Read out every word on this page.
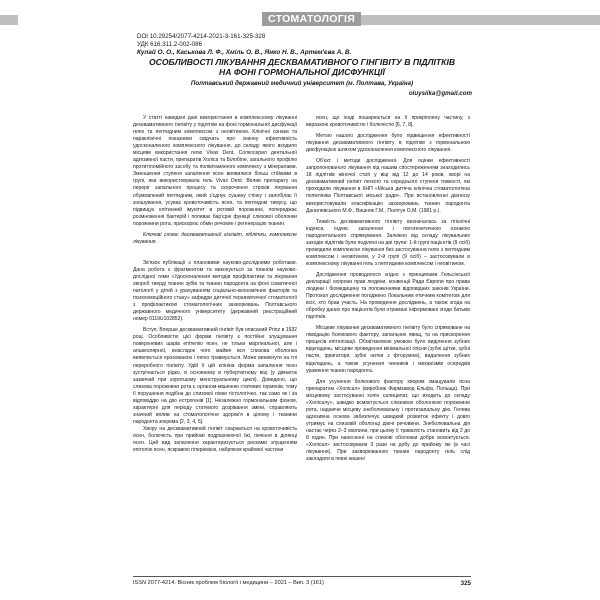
СТОМАТОЛОГІЯ
DOI 10.29254/2077-4214-2021-3-161-325-328
УДК 616.311.2-002-086
Кулай О. О., Каськова Л. Ф., Хміль О. В., Янко Н. В., Артем'єва А. В.
ОСОБЛИВОСТІ ЛІКУВАННЯ ДЕСКВАМАТИВНОГО ГІНГІВІТУ В ПІДЛІТКІВ
НА ФОНІ ГОРМОНАЛЬНОЇ ДИСФУНКЦІЇ
Полтавський державний медичний університет (м. Полтава, Україна)
oluysiika@gmail.com

У статті наведені дані використання в комплексному лікуванні десквамативного гінгівіту у підлітків на фоні гормональної дисфункції гелю та пептидним комплексом з неовітином. Клінічні ознаки та параклінічні показники свідчать про значну ефективність удосконаленого комплексного лікування, до складу якого входило місцеве використання гелю Vivax Dent, Солкосерил дентальної адгезивної пасти, препаратів Холіса та Білобіле, загального профілю протитіломійного засобу та полівітамінного комплексу з мінералами. Зменшення ступеня запалення ясен виявилися більш стійкими в групі, яка використовувала гель Vivax Dent. Вплив препарату на переріг запального процесу та скорочення строків лікування обумовлений пептидним, який з'єднує сушину стінку і залобілає її зношування, усуває кровоточивість ясен, та пептидом тимусу, що підвищує клітинний імунітет в ротовій порожнині, попереджає розмноження бактерій і попиває бар'єрні функції слизової оболонки порожнини рота, прискорює обмін речовин і регенерацію тканин.

Ключові слова: десквамативний гінгівіт, підлітки, комплексне лікування.

Зв'язок публікації з плановими науково-дослідними роботами. Дана робота є фрагментом та виконується за планом науково-дослідної теми «Удосконалення методів профілактики та лікування хвороб тверді тканин зубів та тканин пародонта на фоні соматичної патології у дітей з урахуванням соціально-економічних факторів та психоемоційного стану» кафедри дитячої терапевтичної стоматології з профілактикою стоматологічних захворювань Полтавського державного медичного університету (державний реєстраційний номер 0119U102852).

Вступ. Вперше десквамативний гінгівіт був описаний Prinz в 1932 році. Особливістю цієї форми гінгівіту є постійне злущування поверхневих шарів епітелію ясен, не тільки маргінальної, але і альвеолярної, внаслідок чого майже вся слизова оболонка виявляється ерозованою і легко травмується. Може виникнути на тлі переробного гінгівіту. Удій її цій клініна форма запалення ясен зустрічається рідко, в основному в пубертатному віці (у дівчаток зазвичай при коротшому менструальному циклі). Доведено, що слизова порожнини рота є органом-мішенню статевих гормонів, тому її порушення подібна до слизової піхви гістологічно, так само як і за відповіддю на дію естрогенів [1]. Незалежно гормональним фоном, характерні для періоду статевого дозрівання зміни, справляють значний вплив на стоматологічне здоров'я в цілому і тканини пародонта зокрема [2, 3, 4, 5].

Хвору на десквамативний гінгівіт скаржаться на кровоточивість ясен, болючість при прийомі подразнюючої їжі, печіння в ділянці ясен. Цей вид запалення характеризується рисками злущенням епітелію ясен, яскравою гіперемією, набряком крайової частини

ясен, що іноді поширюється на її прикріплену частину, з виразкою кровоточивістю і болючістю [6, 7, 8].

Метою нашого дослідження було підвищення ефективності лікування десквамативного гінгівіту в підлітків з гормональною дисфункцією шляхом удосконалення комплексного лікування.

Об'єкт і методи дослідження. Для оцінки ефективності запропонованого лікування під нашим спостереженням знаходились 18 підлітків жіночої статі у віці від 12 до 14 років, хворі на десквамативний гінгівіт легкого та середнього ступеня тяжкості, які проходили лікування в КНП «Міська дитяча клінічна стоматологічна поліклініка Полтавської міської ради». При встановленні діагнозу використовували класифікацію захворювань тканин пародонта Данилевського М.Ф., Вишняк Г.М., Політун О.М. (1981 р.).

Тяжкість десквамативного гінгівіту визначалась за гігієнічні індекси, індекс запалення і патогенетичною ознакою пародонтального спрямування. Залежно від складу лікувальних заходів підлітків були поділені на дві групи: 1-й групі пацієнтів (9 осіб) проводили комплексне лікування без застосування гелю з пептидним комплексом і неовітином, у 2-й групі (9 осіб) – застосовували в комплексному лікуванні гель з пептидним комплексом і неовітином.

Дослідження проводилося згідно з принципами Гельсінської декларації охорони прав людини, конвенції Ради Європи про права людини і біомедицину та положеннями відповідних законів України. Протокол дослідження погоджено Локальним етичним комітетом для всіх, хто брав участь. На проведення досліджень, а також згода на обробку даних про пацієнтів були отримані інформовані згоди батьків підлітків.

Місцеве лікування десквамативного гінгівіту було спрямоване на ліквідацію болюового фактору, запальних явищ, та на прискорення процесів епітелізації. Обов'язковою умовою було виділення зубних відкладень, місцеве проведення мінімальної гігієни (зубні щітки, зубні пасти, ірригатори, зубні нитки з фторумом), видалення зубних відкладень, а також усунення чинників і механізмів осередків ураження тканин пародонта.

Для усунення болюового фактору хворим змащували ясна препаратом «Холісал» (виробник Фармзавод Ельфа, Польща). При місцевому застосуванні холін салицилат, що входить до складу «Холісалу», швидко всмоктується слизовою оболонкою порожнини рота, надаючи місцеву знеболювальну і протизапальну дію. Гелева адгезивна основа забезпечує швидкий розвиток ефекту і довго утримує на слизовій оболонці діючі речовини. Знеболювальна дія настає через 2–3 хвилини, при цьому її тривалість становить від 2 до 8 годин. При нанесенні на слизові оболонки добре всмоктується. «Холісал» застосовували 3 рази на добу до прийому їжі (в часі лікування). При захворюваннях тканин пародонту гель слід закладати в певні кишені

ISSN 2077-4214. Вісник проблем біології і медицини – 2021 – Вип. 3 (161)	325
